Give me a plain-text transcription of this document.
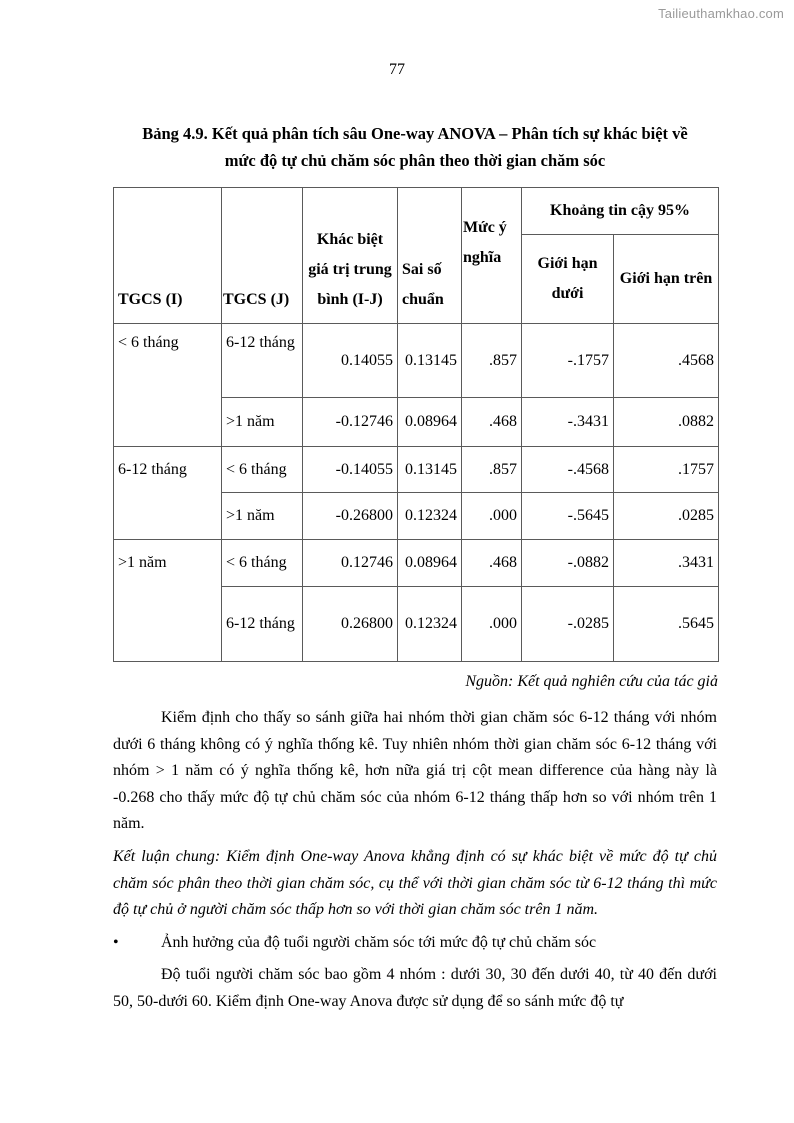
Tailieuthamkhao.com
77
Bảng 4.9. Kết quả phân tích sâu One-way ANOVA – Phân tích sự khác biệt về
mức độ tự chủ chăm sóc phân theo thời gian chăm sóc
TGCS (I)	TGCS (J)	Khác biệt giá trị trung bình (I-J)	Sai số chuẩn	Mức ý nghĩa	Khoảng tin cậy 95%	
					Giới hạn dưới	Giới hạn trên
< 6 tháng	6-12 tháng	0.14055	0.13145	.857	-.1757	.4568
	>1 năm	-0.12746	0.08964	.468	-.3431	.0882
6-12 tháng	< 6 tháng	-0.14055	0.13145	.857	-.4568	.1757
	>1 năm	-0.26800	0.12324	.000	-.5645	.0285
>1 năm	< 6 tháng	0.12746	0.08964	.468	-.0882	.3431
	6-12 tháng	0.26800	0.12324	.000	-.0285	.5645
Nguồn: Kết quả nghiên cứu của tác giả

Kiểm định cho thấy so sánh giữa hai nhóm thời gian chăm sóc 6-12 tháng với nhóm dưới 6 tháng không có ý nghĩa thống kê. Tuy nhiên nhóm thời gian chăm sóc 6-12 tháng với nhóm > 1 năm có ý nghĩa thống kê, hơn nữa giá trị cột mean difference của hàng này là -0.268 cho thấy mức độ tự chủ chăm sóc của nhóm 6-12 tháng thấp hơn so với nhóm trên 1 năm.

Kết luận chung: Kiểm định One-way Anova khẳng định có sự khác biệt về mức độ tự chủ chăm sóc phân theo thời gian chăm sóc, cụ thể với thời gian chăm sóc từ 6-12 tháng thì mức độ tự chủ ở người chăm sóc thấp hơn so với thời gian chăm sóc trên 1 năm.

•	Ảnh hưởng của độ tuổi người chăm sóc tới mức độ tự chủ chăm sóc

Độ tuổi người chăm sóc bao gồm 4 nhóm : dưới 30, 30 đến dưới 40, từ 40 đến dưới 50, 50-dưới 60. Kiểm định One-way Anova được sử dụng để so sánh mức độ tự
